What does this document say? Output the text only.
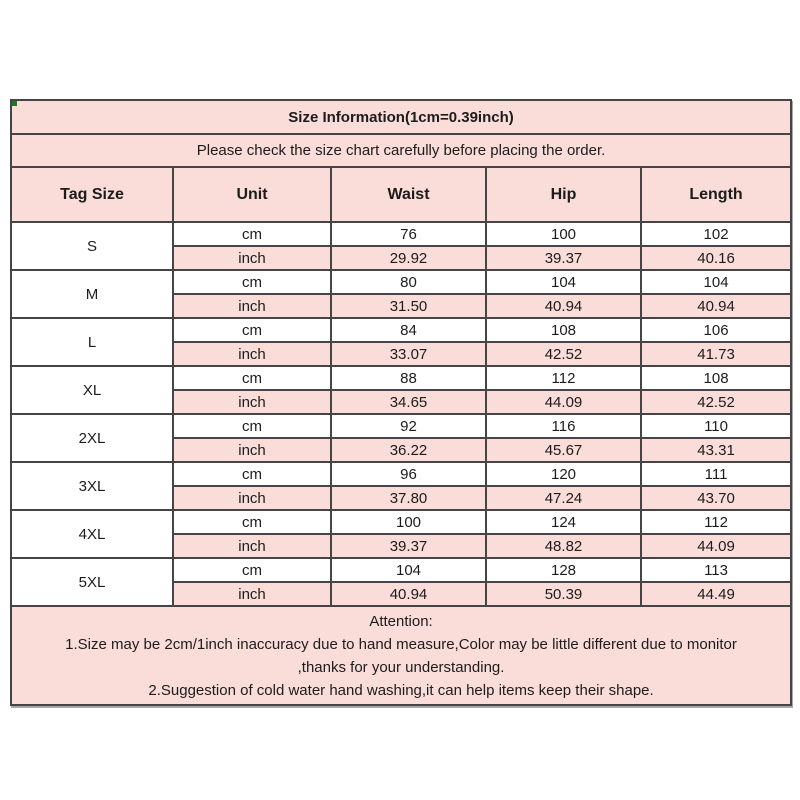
Size Information(1cm=0.39inch)				
Please check the size chart carefully before placing the order.				
Tag Size	Unit	Waist	Hip	Length
S	cm	76	100	102
	inch	29.92	39.37	40.16
M	cm	80	104	104
	inch	31.50	40.94	40.94
L	cm	84	108	106
	inch	33.07	42.52	41.73
XL	cm	88	112	108
	inch	34.65	44.09	42.52
2XL	cm	92	116	110
	inch	36.22	45.67	43.31
3XL	cm	96	120	111
	inch	37.80	47.24	43.70
4XL	cm	100	124	112
	inch	39.37	48.82	44.09
5XL	cm	104	128	113
	inch	40.94	50.39	44.49

Attention:
1.Size may be 2cm/1inch inaccuracy due to hand measure,Color may be little different due to monitor
,thanks for your understanding.
2.Suggestion of cold water hand washing,it can help items keep their shape.				
